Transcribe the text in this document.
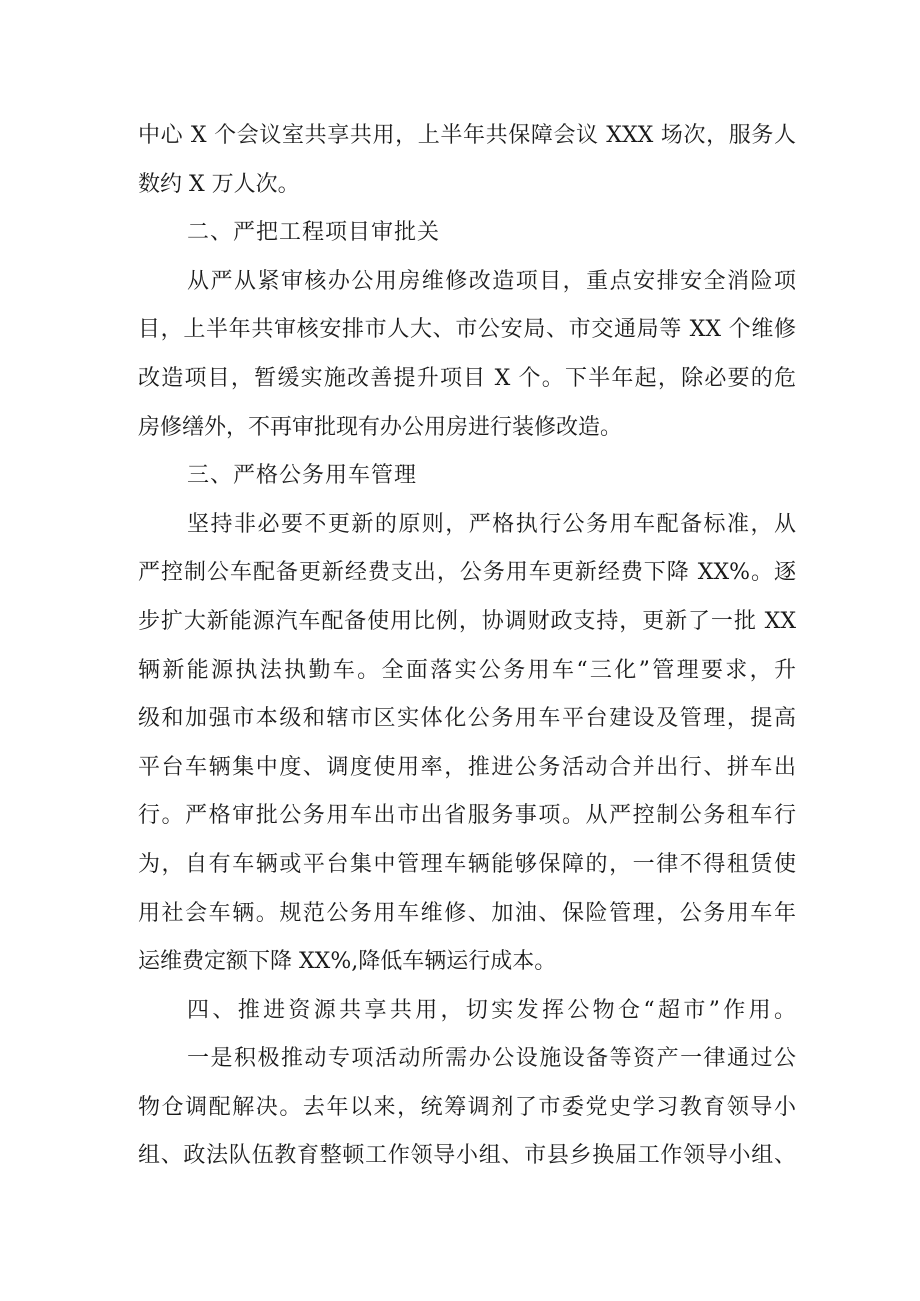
中心 X 个会议室共享共用，上半年共保障会议 XXX 场次，服务人
数约 X 万人次。
二、严把工程项目审批关
从严从紧审核办公用房维修改造项目，重点安排安全消险项
目，上半年共审核安排市人大、市公安局、市交通局等 XX 个维修
改造项目，暂缓实施改善提升项目 X 个。下半年起，除必要的危
房修缮外，不再审批现有办公用房进行装修改造。
三、严格公务用车管理
坚持非必要不更新的原则，严格执行公务用车配备标准，从
严控制公车配备更新经费支出，公务用车更新经费下降 XX%。逐
步扩大新能源汽车配备使用比例，协调财政支持，更新了一批 XX
辆新能源执法执勤车。全面落实公务用车“三化”管理要求，升
级和加强市本级和辖市区实体化公务用车平台建设及管理，提高
平台车辆集中度、调度使用率，推进公务活动合并出行、拼车出
行。严格审批公务用车出市出省服务事项。从严控制公务租车行
为，自有车辆或平台集中管理车辆能够保障的，一律不得租赁使
用社会车辆。规范公务用车维修、加油、保险管理，公务用车年
运维费定额下降 XX%,降低车辆运行成本。
四、推进资源共享共用，切实发挥公物仓“超市”作用。
一是积极推动专项活动所需办公设施设备等资产一律通过公
物仓调配解决。去年以来，统筹调剂了市委党史学习教育领导小
组、政法队伍教育整顿工作领导小组、市县乡换届工作领导小组、
